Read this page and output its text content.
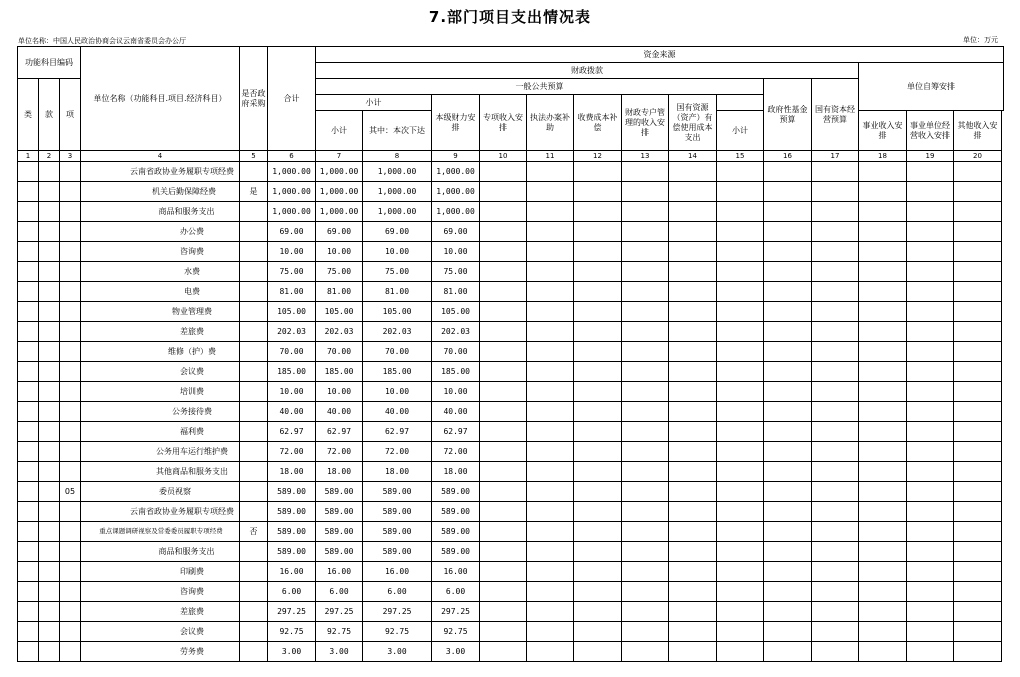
7.部门项目支出情况表
单位名称：中国人民政治协商会议云南省委员会办公厅	单位：万元
功能科目编码			单位名称（功能科目.项目.经济科目）	是否政府采购	合计	资金来源													
						财政拨款											单位自筹安排		
类	款	项				一般公共预算									政府性基金预算	国有资本经营预算			
						小计		本级财力安排	专项收入安排	执法办案补助	收费成本补偿	财政专户管理的收入安排	国有资源（资产）有偿使用成本支出						
						小计	其中：本次下达							小计			事业收入安排	事业单位经营收入安排	其他收入安排
1	2	3	4	5	6	7	8	9	10	11	12	13	14	15	16	17	18	19	20
			云南省政协业务履职专项经费		1,000.00	1,000.00	1,000.00	1,000.00											
			机关后勤保障经费	是	1,000.00	1,000.00	1,000.00	1,000.00											
			商品和服务支出		1,000.00	1,000.00	1,000.00	1,000.00											
			办公费		69.00	69.00	69.00	69.00											
			咨询费		10.00	10.00	10.00	10.00											
			水费		75.00	75.00	75.00	75.00											
			电费		81.00	81.00	81.00	81.00											
			物业管理费		105.00	105.00	105.00	105.00											
			差旅费		202.03	202.03	202.03	202.03											
			维修（护）费		70.00	70.00	70.00	70.00											
			会议费		185.00	185.00	185.00	185.00											
			培训费		10.00	10.00	10.00	10.00											
			公务接待费		40.00	40.00	40.00	40.00											
			福利费		62.97	62.97	62.97	62.97											
			公务用车运行维护费		72.00	72.00	72.00	72.00											
			其他商品和服务支出		18.00	18.00	18.00	18.00											
		05	委员视察		589.00	589.00	589.00	589.00											
			云南省政协业务履职专项经费		589.00	589.00	589.00	589.00											
			重点课题调研视察及常委委员履职专项经费	否	589.00	589.00	589.00	589.00											
			商品和服务支出		589.00	589.00	589.00	589.00											
			印刷费		16.00	16.00	16.00	16.00											
			咨询费		6.00	6.00	6.00	6.00											
			差旅费		297.25	297.25	297.25	297.25											
			会议费		92.75	92.75	92.75	92.75											
			劳务费		3.00	3.00	3.00	3.00											
